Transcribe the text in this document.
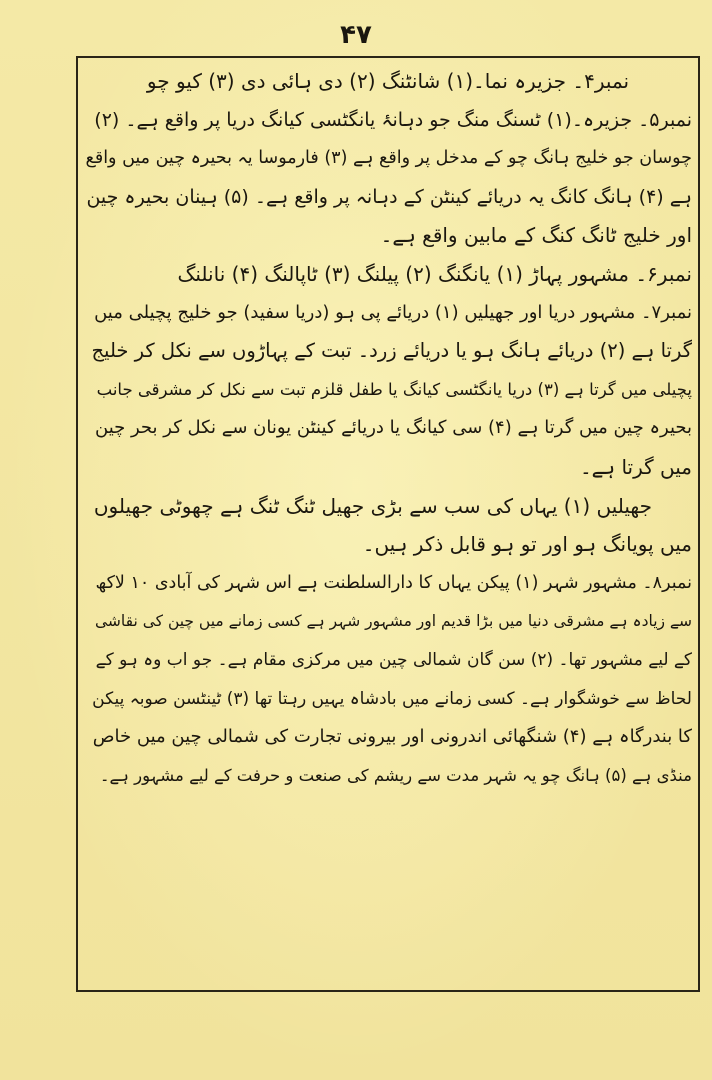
۴۷
نمبر۴۔ جزیرہ نما۔(۱) شانٹنگ (۲) دی ہائی دی (۳) کیو چو
نمبر۵۔ جزیرہ۔(۱) ٹسنگ منگ جو دہانۂ یانگٹسی کیانگ دریا پر واقع ہے۔ (۲)
چوسان جو خلیج ہانگ چو کے مدخل پر واقع ہے (۳) فارموسا یہ بحیرہ چین میں واقع
ہے (۴) ہانگ کانگ یہ دریائے کینٹن کے دہانہ پر واقع ہے۔ (۵) ہینان بحیرہ چین
اور خلیج ٹانگ کنگ کے مابین واقع ہے۔
نمبر۶۔ مشہور پہاڑ (۱) یانگنگ (۲) پیلنگ (۳) ٹاپالنگ (۴) نانلنگ
نمبر۷۔ مشہور دریا اور جھیلیں (۱) دریائے پی ہو (دریا سفید) جو خلیج پچیلی میں
گرتا ہے (۲) دریائے ہانگ ہو یا دریائے زرد۔ تبت کے پہاڑوں سے نکل کر خلیج
پچیلی میں گرتا ہے (۳) دریا یانگٹسی کیانگ یا طفل قلزم تبت سے نکل کر مشرقی جانب
بحیرہ چین میں گرتا ہے (۴) سی کیانگ یا دریائے کینٹن یونان سے نکل کر بحر چین
میں گرتا ہے۔
جھیلیں (۱) یہاں کی سب سے بڑی جھیل ٹنگ ٹنگ ہے چھوٹی جھیلوں
میں پویانگ ہو اور تو ہو قابل ذکر ہیں۔
نمبر۸۔ مشہور شہر (۱) پیکن یہاں کا دارالسلطنت ہے اس شہر کی آبادی ۱۰ لاکھ
سے زیادہ ہے مشرقی دنیا میں بڑا قدیم اور مشہور شہر ہے کسی زمانے میں چین کی نقاشی
کے لیے مشہور تھا۔ (۲) سن گان شمالی چین میں مرکزی مقام ہے۔ جو اب وہ ہو کے
لحاظ سے خوشگوار ہے۔ کسی زمانے میں بادشاہ یہیں رہتا تھا (۳) ٹینٹسن صوبہ پیکن
کا بندرگاہ ہے (۴) شنگھائی اندرونی اور بیرونی تجارت کی شمالی چین میں خاص
منڈی ہے (۵) ہانگ چو یہ شہر مدت سے ریشم کی صنعت و حرفت کے لیے مشہور ہے۔
